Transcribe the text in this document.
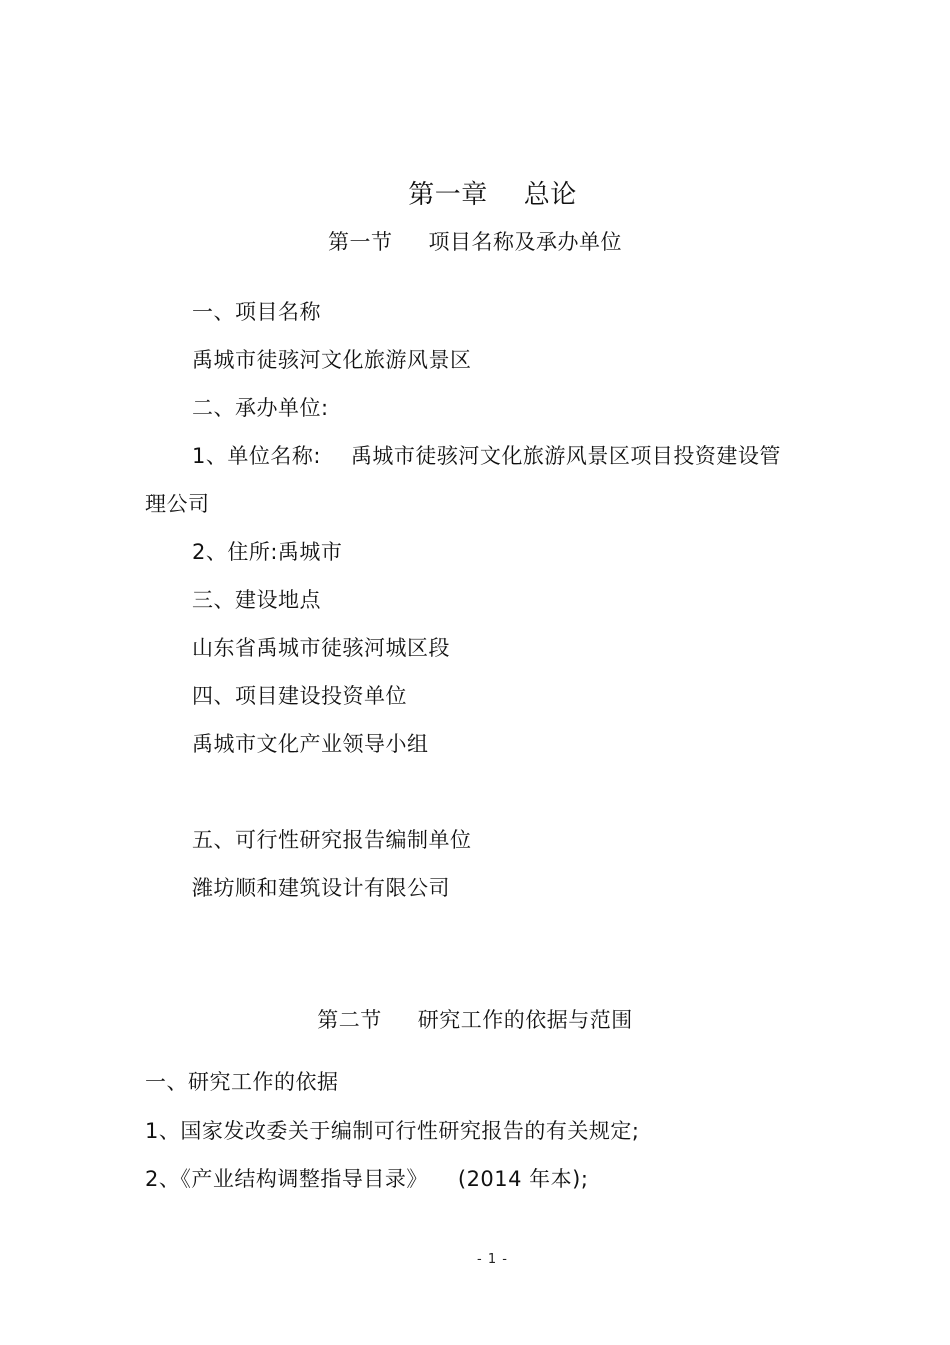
第一章 总论
第一节 项目名称及承办单位
一、项目名称
禹城市徒骇河文化旅游风景区
二、承办单位:
1、单位名称: 禹城市徒骇河文化旅游风景区项目投资建设管
理公司
2、住所:禹城市
三、建设地点
山东省禹城市徒骇河城区段
四、项目建设投资单位
禹城市文化产业领导小组
五、可行性研究报告编制单位
潍坊顺和建筑设计有限公司
第二节 研究工作的依据与范围
一、研究工作的依据
1、国家发改委关于编制可行性研究报告的有关规定;
2、《产业结构调整指导目录》 (2014 年本);
- 1 -
